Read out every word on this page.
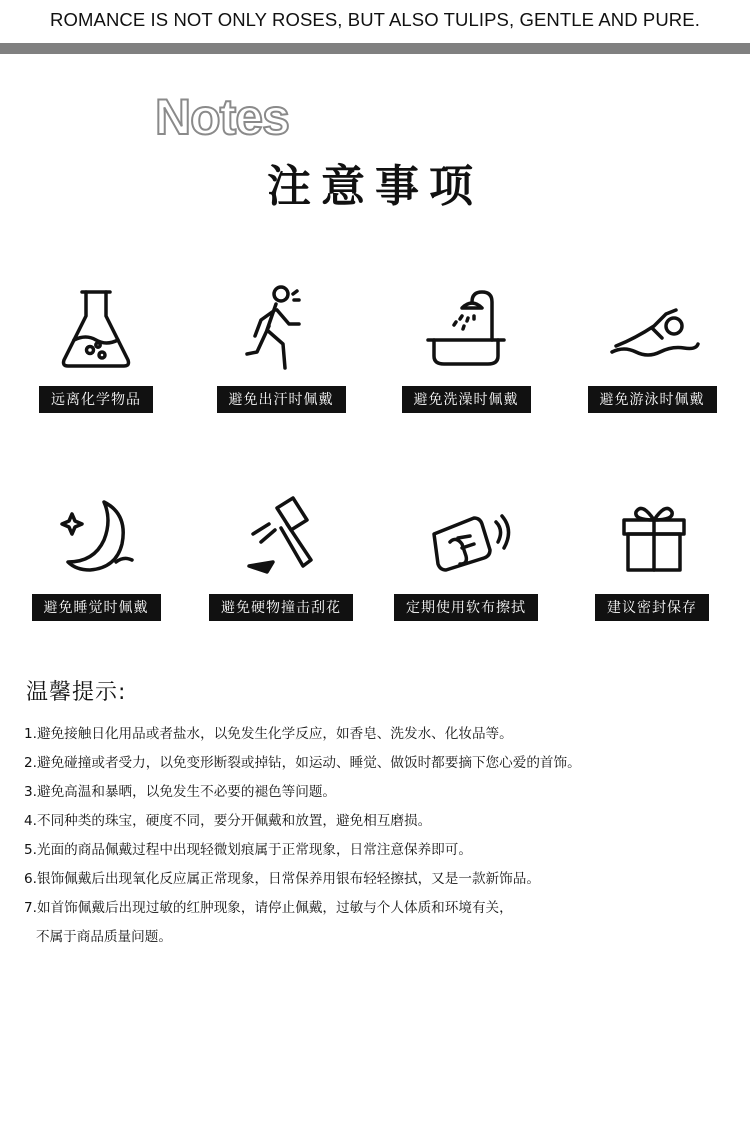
ROMANCE IS NOT ONLY ROSES, BUT ALSO TULIPS, GENTLE AND PURE.
Notes
注意事项
远离化学物品	避免出汗时佩戴	避免洗澡时佩戴	避免游泳时佩戴
避免睡觉时佩戴	避免硬物撞击刮花	定期使用软布擦拭	建议密封保存
温馨提示:
1.避免接触日化用品或者盐水，以免发生化学反应，如香皂、洗发水、化妆品等。
2.避免碰撞或者受力，以免变形断裂或掉钻，如运动、睡觉、做饭时都要摘下您心爱的首饰。
3.避免高温和暴晒，以免发生不必要的褪色等问题。
4.不同种类的珠宝，硬度不同，要分开佩戴和放置，避免相互磨损。
5.光面的商品佩戴过程中出现轻微划痕属于正常现象，日常注意保养即可。
6.银饰佩戴后出现氧化反应属正常现象，日常保养用银布轻轻擦拭，又是一款新饰品。
7.如首饰佩戴后出现过敏的红肿现象，请停止佩戴，过敏与个人体质和环境有关，
不属于商品质量问题。
